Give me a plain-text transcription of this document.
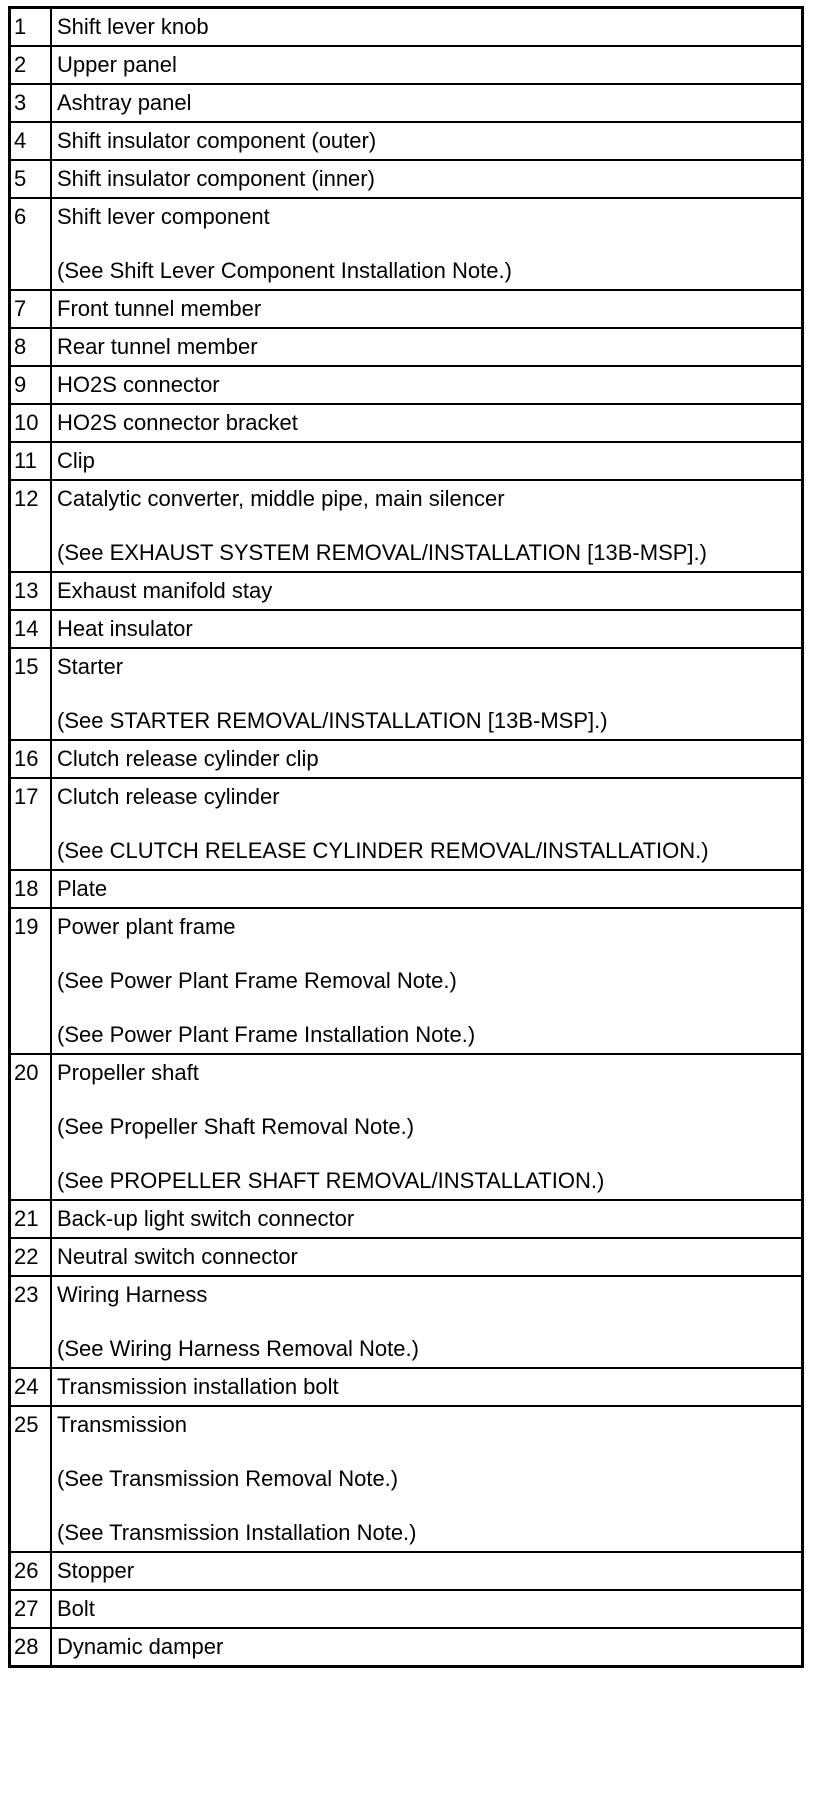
1	Shift lever knob

2	Upper panel

3	Ashtray panel

4	Shift insulator component (outer)

5	Shift insulator component (inner)

6	Shift lever component
(See Shift Lever Component Installation Note.)

7	Front tunnel member

8	Rear tunnel member

9	HO2S connector

10	HO2S connector bracket

11	Clip

12	Catalytic converter, middle pipe, main silencer
(See EXHAUST SYSTEM REMOVAL/INSTALLATION [13B-MSP].)

13	Exhaust manifold stay

14	Heat insulator

15	Starter
(See STARTER REMOVAL/INSTALLATION [13B-MSP].)

16	Clutch release cylinder clip

17	Clutch release cylinder
(See CLUTCH RELEASE CYLINDER REMOVAL/INSTALLATION.)

18	Plate

19	Power plant frame
(See Power Plant Frame Removal Note.)
(See Power Plant Frame Installation Note.)

20	Propeller shaft
(See Propeller Shaft Removal Note.)
(See PROPELLER SHAFT REMOVAL/INSTALLATION.)

21	Back-up light switch connector

22	Neutral switch connector

23	Wiring Harness
(See Wiring Harness Removal Note.)

24	Transmission installation bolt

25	Transmission
(See Transmission Removal Note.)
(See Transmission Installation Note.)

26	Stopper

27	Bolt

28	Dynamic damper
